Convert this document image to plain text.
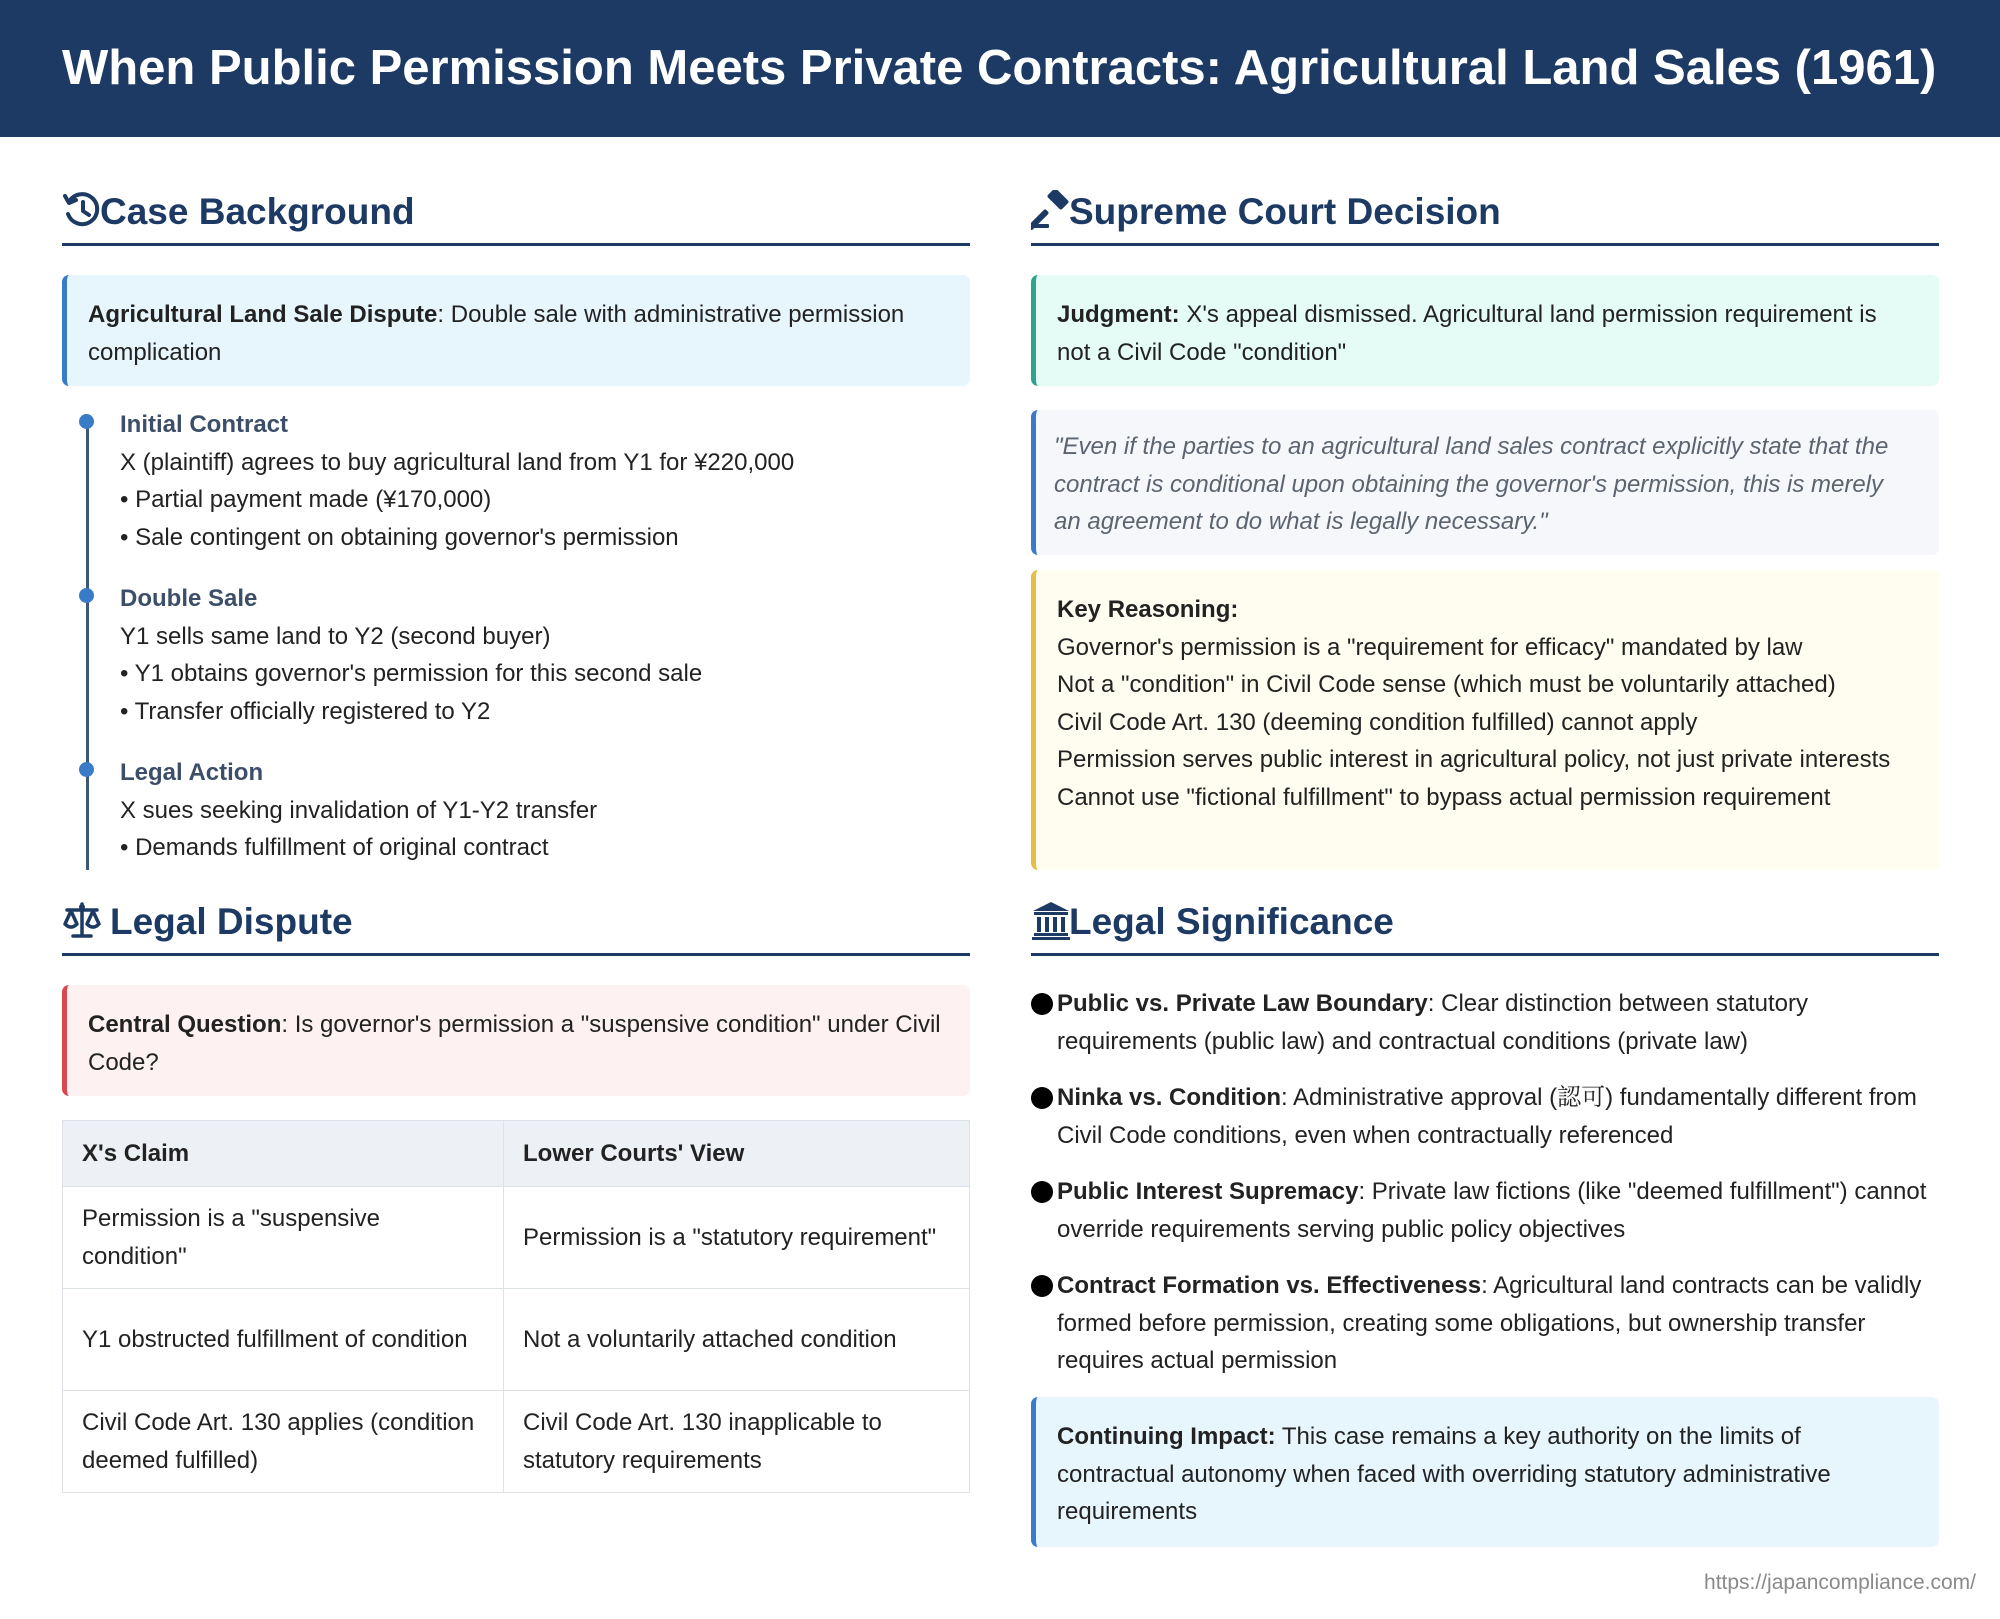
When Public Permission Meets Private Contracts: Agricultural Land Sales (1961)
Case Background
Agricultural Land Sale Dispute: Double sale with administrative permission complication
Initial Contract
X (plaintiff) agrees to buy agricultural land from Y1 for ¥220,000
• Partial payment made (¥170,000)
• Sale contingent on obtaining governor's permission
Double Sale
Y1 sells same land to Y2 (second buyer)
• Y1 obtains governor's permission for this second sale
• Transfer officially registered to Y2
Legal Action
X sues seeking invalidation of Y1-Y2 transfer
• Demands fulfillment of original contract
Legal Dispute
Central Question: Is governor's permission a "suspensive condition" under Civil Code?
X's Claim	Lower Courts' View
Permission is a "suspensive condition"	Permission is a "statutory requirement"
Y1 obstructed fulfillment of condition	Not a voluntarily attached condition
Civil Code Art. 130 applies (condition deemed fulfilled)	Civil Code Art. 130 inapplicable to statutory requirements
Supreme Court Decision
Judgment: X's appeal dismissed. Agricultural land permission requirement is not a Civil Code "condition"
"Even if the parties to an agricultural land sales contract explicitly state that the contract is conditional upon obtaining the governor's permission, this is merely an agreement to do what is legally necessary."
Key Reasoning:
Governor's permission is a "requirement for efficacy" mandated by law
Not a "condition" in Civil Code sense (which must be voluntarily attached)
Civil Code Art. 130 (deeming condition fulfilled) cannot apply
Permission serves public interest in agricultural policy, not just private interests
Cannot use "fictional fulfillment" to bypass actual permission requirement
Legal Significance
Public vs. Private Law Boundary: Clear distinction between statutory requirements (public law) and contractual conditions (private law)
Ninka vs. Condition: Administrative approval (認可) fundamentally different from Civil Code conditions, even when contractually referenced
Public Interest Supremacy: Private law fictions (like "deemed fulfillment") cannot override requirements serving public policy objectives
Contract Formation vs. Effectiveness: Agricultural land contracts can be validly formed before permission, creating some obligations, but ownership transfer requires actual permission
Continuing Impact: This case remains a key authority on the limits of contractual autonomy when faced with overriding statutory administrative requirements
https://japancompliance.com/
